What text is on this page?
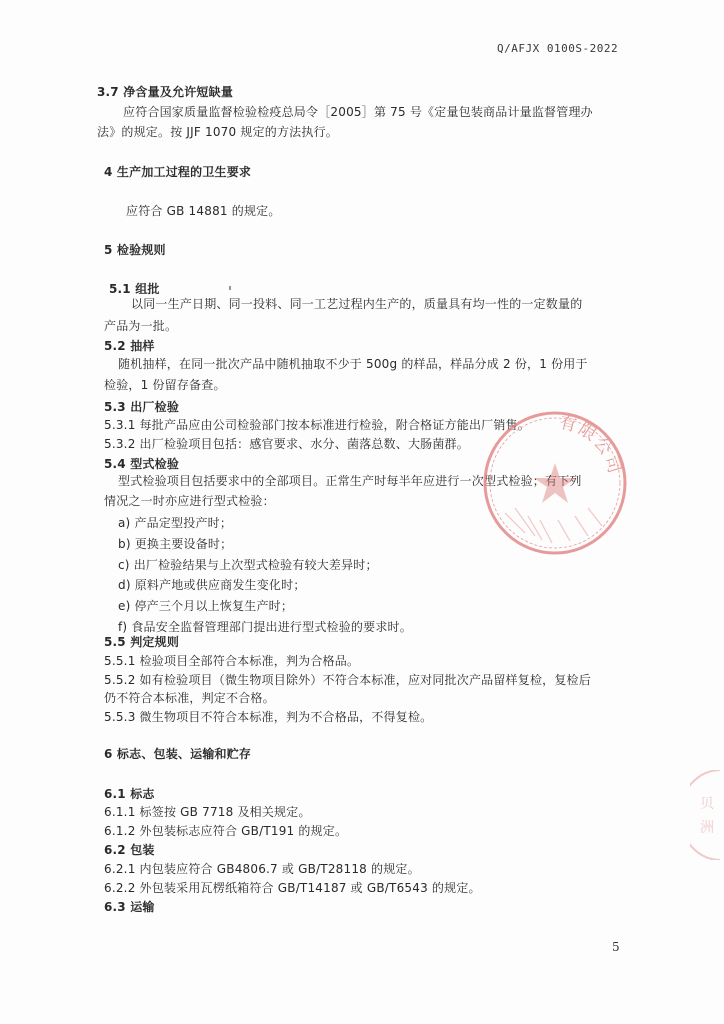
Q/AFJX 0100S-2022
3.7 净含量及允许短缺量
应符合国家质量监督检验检疫总局令［2005］第 75 号《定量包装商品计量监督管理办
法》的规定。按 JJF 1070 规定的方法执行。
4 生产加工过程的卫生要求
应符合 GB 14881 的规定。
5 检验规则
5.1 组批
以同一生产日期、同一投料、同一工艺过程内生产的，质量具有均一性的一定数量的
产品为一批。
5.2 抽样
随机抽样，在同一批次产品中随机抽取不少于 500g 的样品，样品分成 2 份，1 份用于
检验，1 份留存备查。
5.3 出厂检验
5.3.1 每批产品应由公司检验部门按本标准进行检验，附合格证方能出厂销售。
5.3.2 出厂检验项目包括：感官要求、水分、菌落总数、大肠菌群。
5.4 型式检验
型式检验项目包括要求中的全部项目。正常生产时每半年应进行一次型式检验；有下列
情况之一时亦应进行型式检验：
a) 产品定型投产时；
b) 更换主要设备时；
c) 出厂检验结果与上次型式检验有较大差异时；
d) 原料产地或供应商发生变化时；
e) 停产三个月以上恢复生产时；
f) 食品安全监督管理部门提出进行型式检验的要求时。
5.5 判定规则
5.5.1 检验项目全部符合本标准，判为合格品。
5.5.2 如有检验项目（微生物项目除外）不符合本标准，应对同批次产品留样复检，复检后
仍不符合本标准，判定不合格。
5.5.3 微生物项目不符合本标准，判为不合格品，不得复检。
6 标志、包装、运输和贮存
6.1 标志
6.1.1 标签按 GB 7718 及相关规定。
6.1.2 外包装标志应符合 GB/T191 的规定。
6.2 包装
6.2.1 内包装应符合 GB4806.7 或 GB/T28118 的规定。
6.2.2 外包装采用瓦楞纸箱符合 GB/T14187 或 GB/T6543 的规定。
6.3 运输
5
有限公司
贝
洲
